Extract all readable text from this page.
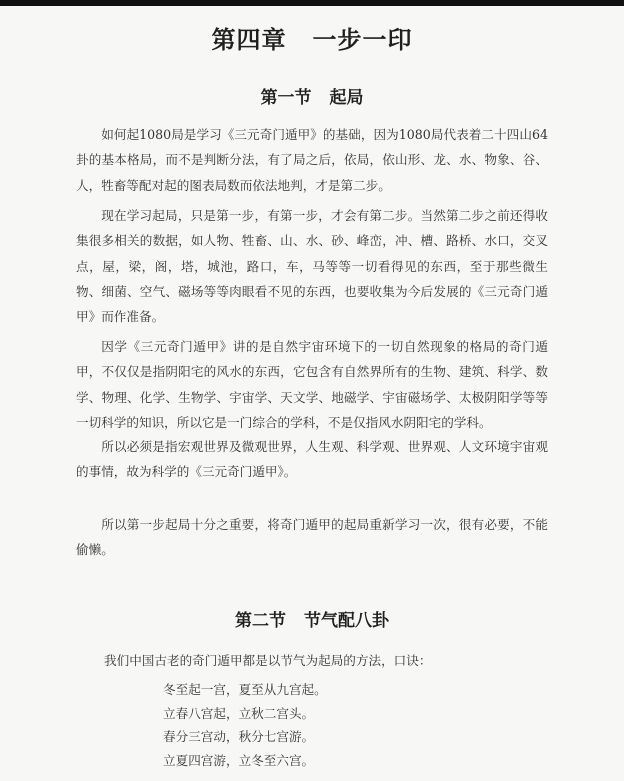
第四章 一步一印
第一节 起局

如何起1080局是学习《三元奇门遁甲》的基础，因为1080局代表着二十四山64卦的基本格局，而不是判断分法，有了局之后，依局，依山形、龙、水、物象、谷、人，牲畜等配对起的图表局数而依法地判，才是第二步。

现在学习起局，只是第一步，有第一步，才会有第二步。当然第二步之前还得收集很多相关的数据，如人物、牲畜、山、水、砂、峰峦，冲、槽、路桥、水口，交叉点，屋，梁，阁，塔，城池，路口，车，马等等一切看得见的东西，至于那些微生物、细菌、空气、磁场等等肉眼看不见的东西，也要收集为今后发展的《三元奇门遁甲》而作准备。

因学《三元奇门遁甲》讲的是自然宇宙环境下的一切自然现象的格局的奇门遁甲，不仅仅是指阴阳宅的风水的东西，它包含有自然界所有的生物、建筑、科学、数学、物理、化学、生物学、宇宙学、天文学、地磁学、宇宙磁场学、太极阴阳学等等一切科学的知识，所以它是一门综合的学科，不是仅指风水阴阳宅的学科。

所以必须是指宏观世界及微观世界，人生观、科学观、世界观、人文环境宇宙观的事情，故为科学的《三元奇门遁甲》。

所以第一步起局十分之重要，将奇门遁甲的起局重新学习一次，很有必要，不能偷懒。

第二节 节气配八卦
我们中国古老的奇门遁甲都是以节气为起局的方法，口诀：
冬至起一宫，夏至从九宫起。
立春八宫起，立秋二宫头。
春分三宫动，秋分七宫游。
立夏四宫游，立冬至六宫。
